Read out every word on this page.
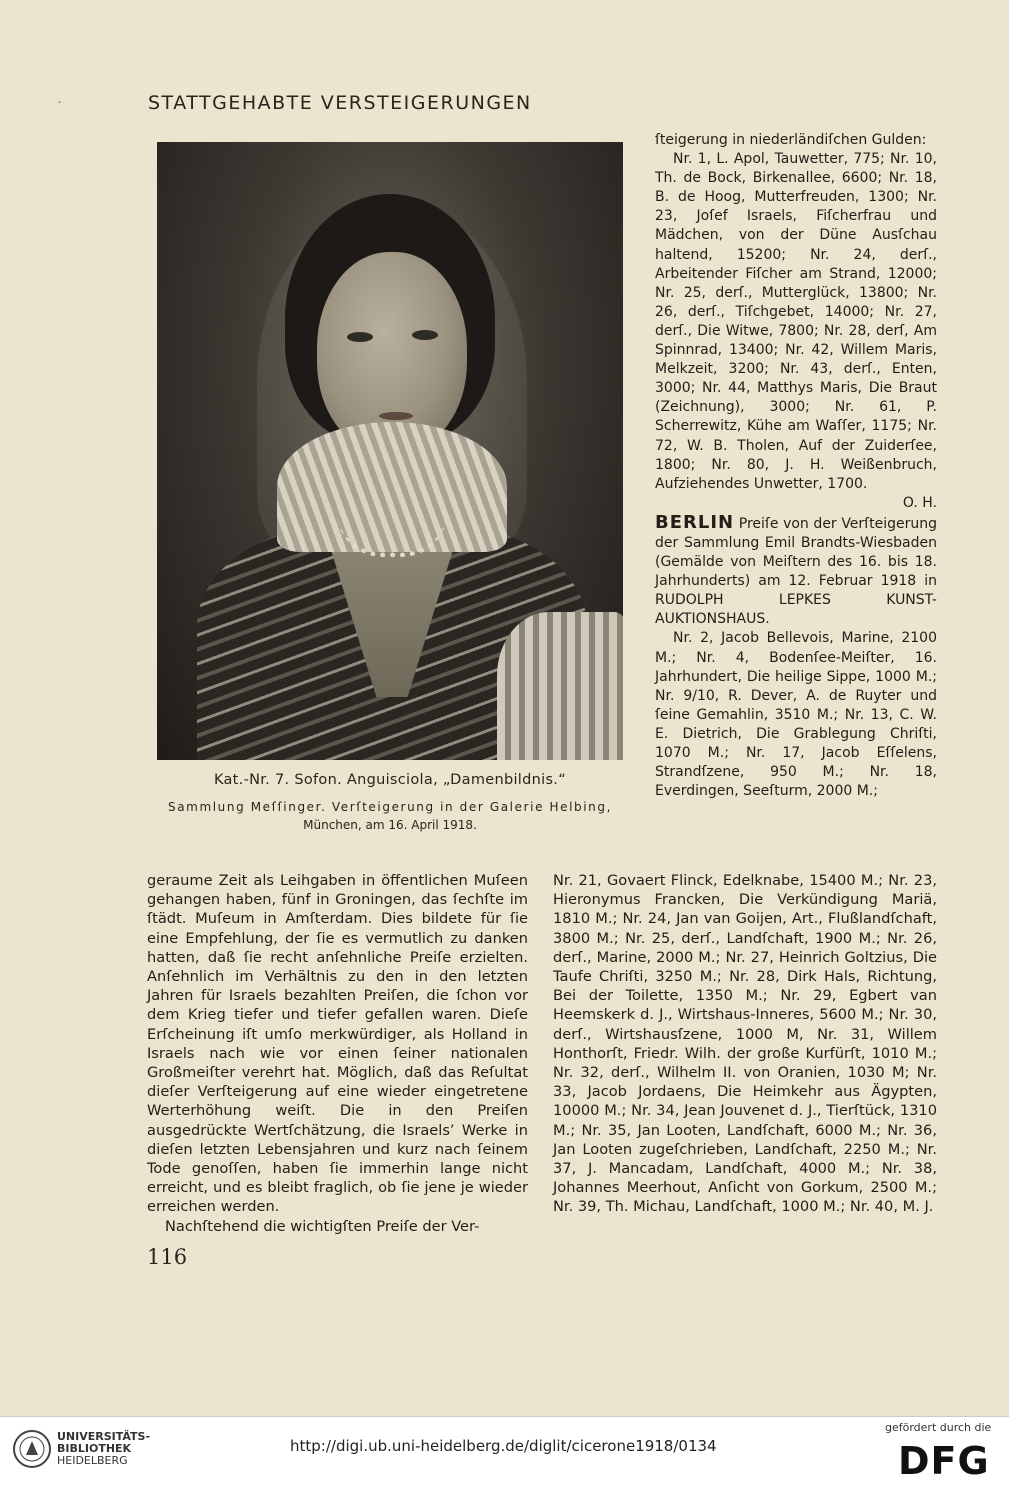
-	STATTGEHABTE VERSTEIGERUNGEN
Kat.-Nr. 7. Sofon. Anguisciola, „Damenbildnis.“
Sammlung Meſſinger. Verſteigerung in der Galerie Helbing,
München, am 16. April 1918.

ſteigerung in niederländiſchen Gulden:

Nr. 1, L. Apol, Tauwetter, 775; Nr. 10, Th. de Bock, Birkenallee, 6600; Nr. 18, B. de Hoog, Mutterfreuden, 1300; Nr. 23, Joſef Israels, Fiſcherfrau und Mädchen, von der Düne Ausſchau haltend, 15200; Nr. 24, derſ., Arbeitender Fiſcher am Strand, 12000; Nr. 25, derſ., Mutterglück, 13800; Nr. 26, derſ., Tiſchgebet, 14000; Nr. 27, derſ., Die Witwe, 7800; Nr. 28, derſ, Am Spinnrad, 13400; Nr. 42, Willem Maris, Melkzeit, 3200; Nr. 43, derſ., Enten, 3000; Nr. 44, Matthys Maris, Die Braut (Zeichnung), 3000; Nr. 61, P. Scherrewitz, Kühe am Waſſer, 1175; Nr. 72, W. B. Tholen, Auf der Zuiderſee, 1800; Nr. 80, J. H. Weißenbruch, Aufziehendes Unwetter, 1700.

O. H.

BERLIN Preiſe von der Verſteigerung der Sammlung Emil Brandts-Wiesbaden (Gemälde von Meiſtern des 16. bis 18. Jahrhunderts) am 12. Februar 1918 in RUDOLPH LEPKES KUNST-AUKTIONSHAUS.

Nr. 2, Jacob Bellevois, Marine, 2100 M.; Nr. 4, Bodenſee-Meiſter, 16. Jahrhundert, Die heilige Sippe, 1000 M.; Nr. 9/10, R. Dever, A. de Ruyter und ſeine Gemahlin, 3510 M.; Nr. 13, C. W. E. Dietrich, Die Grablegung Chriſti, 1070 M.; Nr. 17, Jacob Eſſelens, Strandſzene, 950 M.; Nr. 18, Everdingen, Seeſturm, 2000 M.;

geraume Zeit als Leihgaben in öffentlichen Muſeen gehangen haben, fünf in Groningen, das ſechſte im ſtädt. Muſeum in Amſterdam. Dies bildete für ſie eine Empfehlung, der ſie es vermutlich zu danken hatten, daß ſie recht anſehnliche Preiſe erzielten. Anſehnlich im Verhältnis zu den in den letzten Jahren für Israels bezahlten Preiſen, die ſchon vor dem Krieg tiefer und tiefer gefallen waren. Dieſe Erſcheinung iſt umſo merkwürdiger, als Holland in Israels nach wie vor einen ſeiner nationalen Großmeiſter verehrt hat. Möglich, daß das Reſultat dieſer Verſteigerung auf eine wieder eingetretene Werterhöhung weiſt. Die in den Preiſen ausgedrückte Wertſchätzung, die Israels’ Werke in dieſen letzten Lebensjahren und kurz nach ſeinem Tode genoſſen, haben ſie immerhin lange nicht erreicht, und es bleibt fraglich, ob ſie jene je wieder erreichen werden.

Nachſtehend die wichtigſten Preiſe der Ver-

Nr. 21, Govaert Flinck, Edelknabe, 15400 M.; Nr. 23, Hieronymus Francken, Die Verkündigung Mariä, 1810 M.; Nr. 24, Jan van Goijen, Art., Flußlandſchaft, 3800 M.; Nr. 25, derſ., Landſchaft, 1900 M.; Nr. 26, derſ., Marine, 2000 M.; Nr. 27, Heinrich Goltzius, Die Taufe Chriſti, 3250 M.; Nr. 28, Dirk Hals, Richtung, Bei der Toilette, 1350 M.; Nr. 29, Egbert van Heemskerk d. J., Wirtshaus-Inneres, 5600 M.; Nr. 30, derſ., Wirtshausſzene, 1000 M, Nr. 31, Willem Honthorſt, Friedr. Wilh. der große Kurfürſt, 1010 M.; Nr. 32, derſ., Wilhelm II. von Oranien, 1030 M; Nr. 33, Jacob Jordaens, Die Heimkehr aus Ägypten, 10000 M.; Nr. 34, Jean Jouvenet d. J., Tierſtück, 1310 M.; Nr. 35, Jan Looten, Landſchaft, 6000 M.; Nr. 36, Jan Looten zugeſchrieben, Landſchaft, 2250 M.; Nr. 37, J. Mancadam, Landſchaft, 4000 M.; Nr. 38, Johannes Meerhout, Anſicht von Gorkum, 2500 M.; Nr. 39, Th. Michau, Landſchaft, 1000 M.; Nr. 40, M. J.

116
UNIVERSITÄTS-
BIBLIOTHEK
HEIDELBERG
http://digi.ub.uni-heidelberg.de/diglit/cicerone1918/0134
gefördert durch die
DFG
